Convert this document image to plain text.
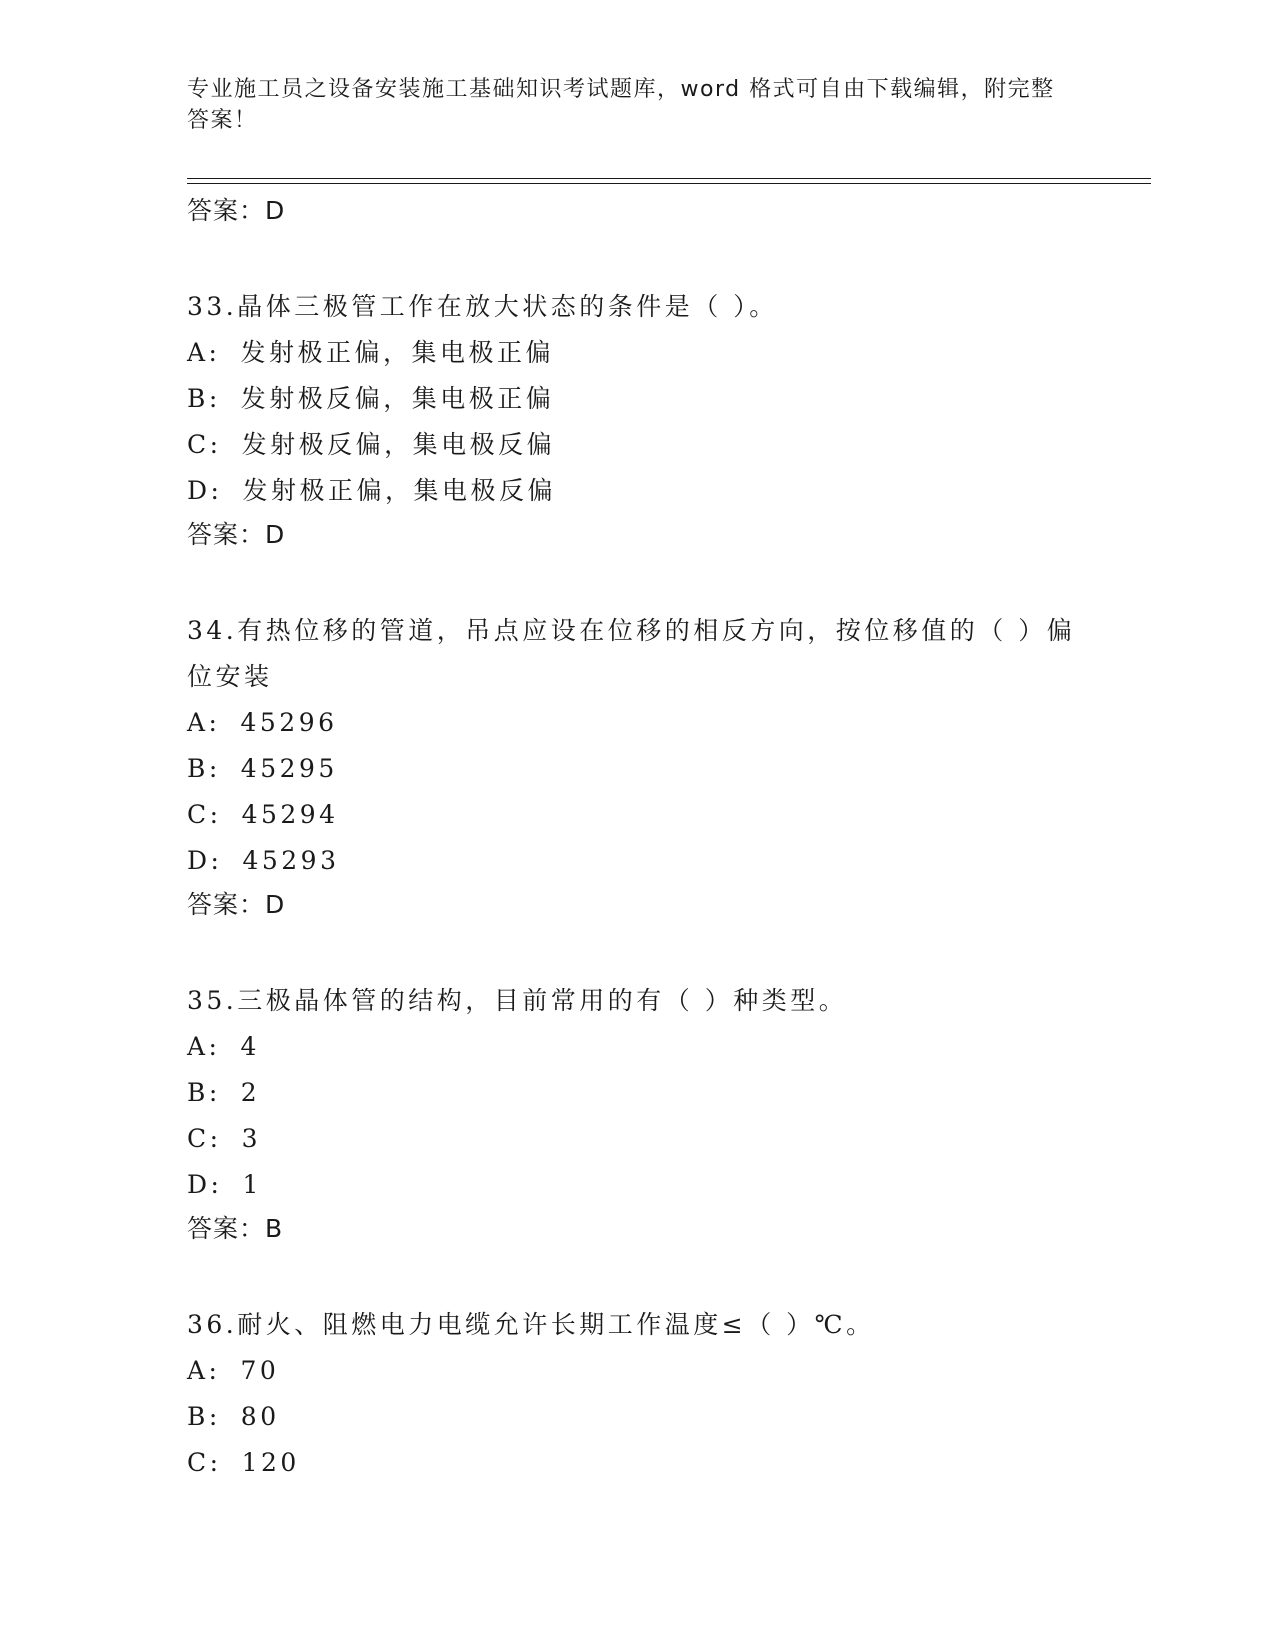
专业施工员之设备安装施工基础知识考试题库，word 格式可自由下载编辑，附完整答案！
答案：D
33.晶体三极管工作在放大状态的条件是（ ）。
A: 发射极正偏，集电极正偏
B: 发射极反偏，集电极正偏
C: 发射极反偏，集电极反偏
D: 发射极正偏，集电极反偏
答案：D
34.有热位移的管道，吊点应设在位移的相反方向，按位移值的（ ）偏位安装
A: 45296
B: 45295
C: 45294
D: 45293
答案：D
35.三极晶体管的结构，目前常用的有（ ）种类型。
A: 4
B: 2
C: 3
D: 1
答案：B
36.耐火、阻燃电力电缆允许长期工作温度≤（ ）℃。
A: 70
B: 80
C: 120
